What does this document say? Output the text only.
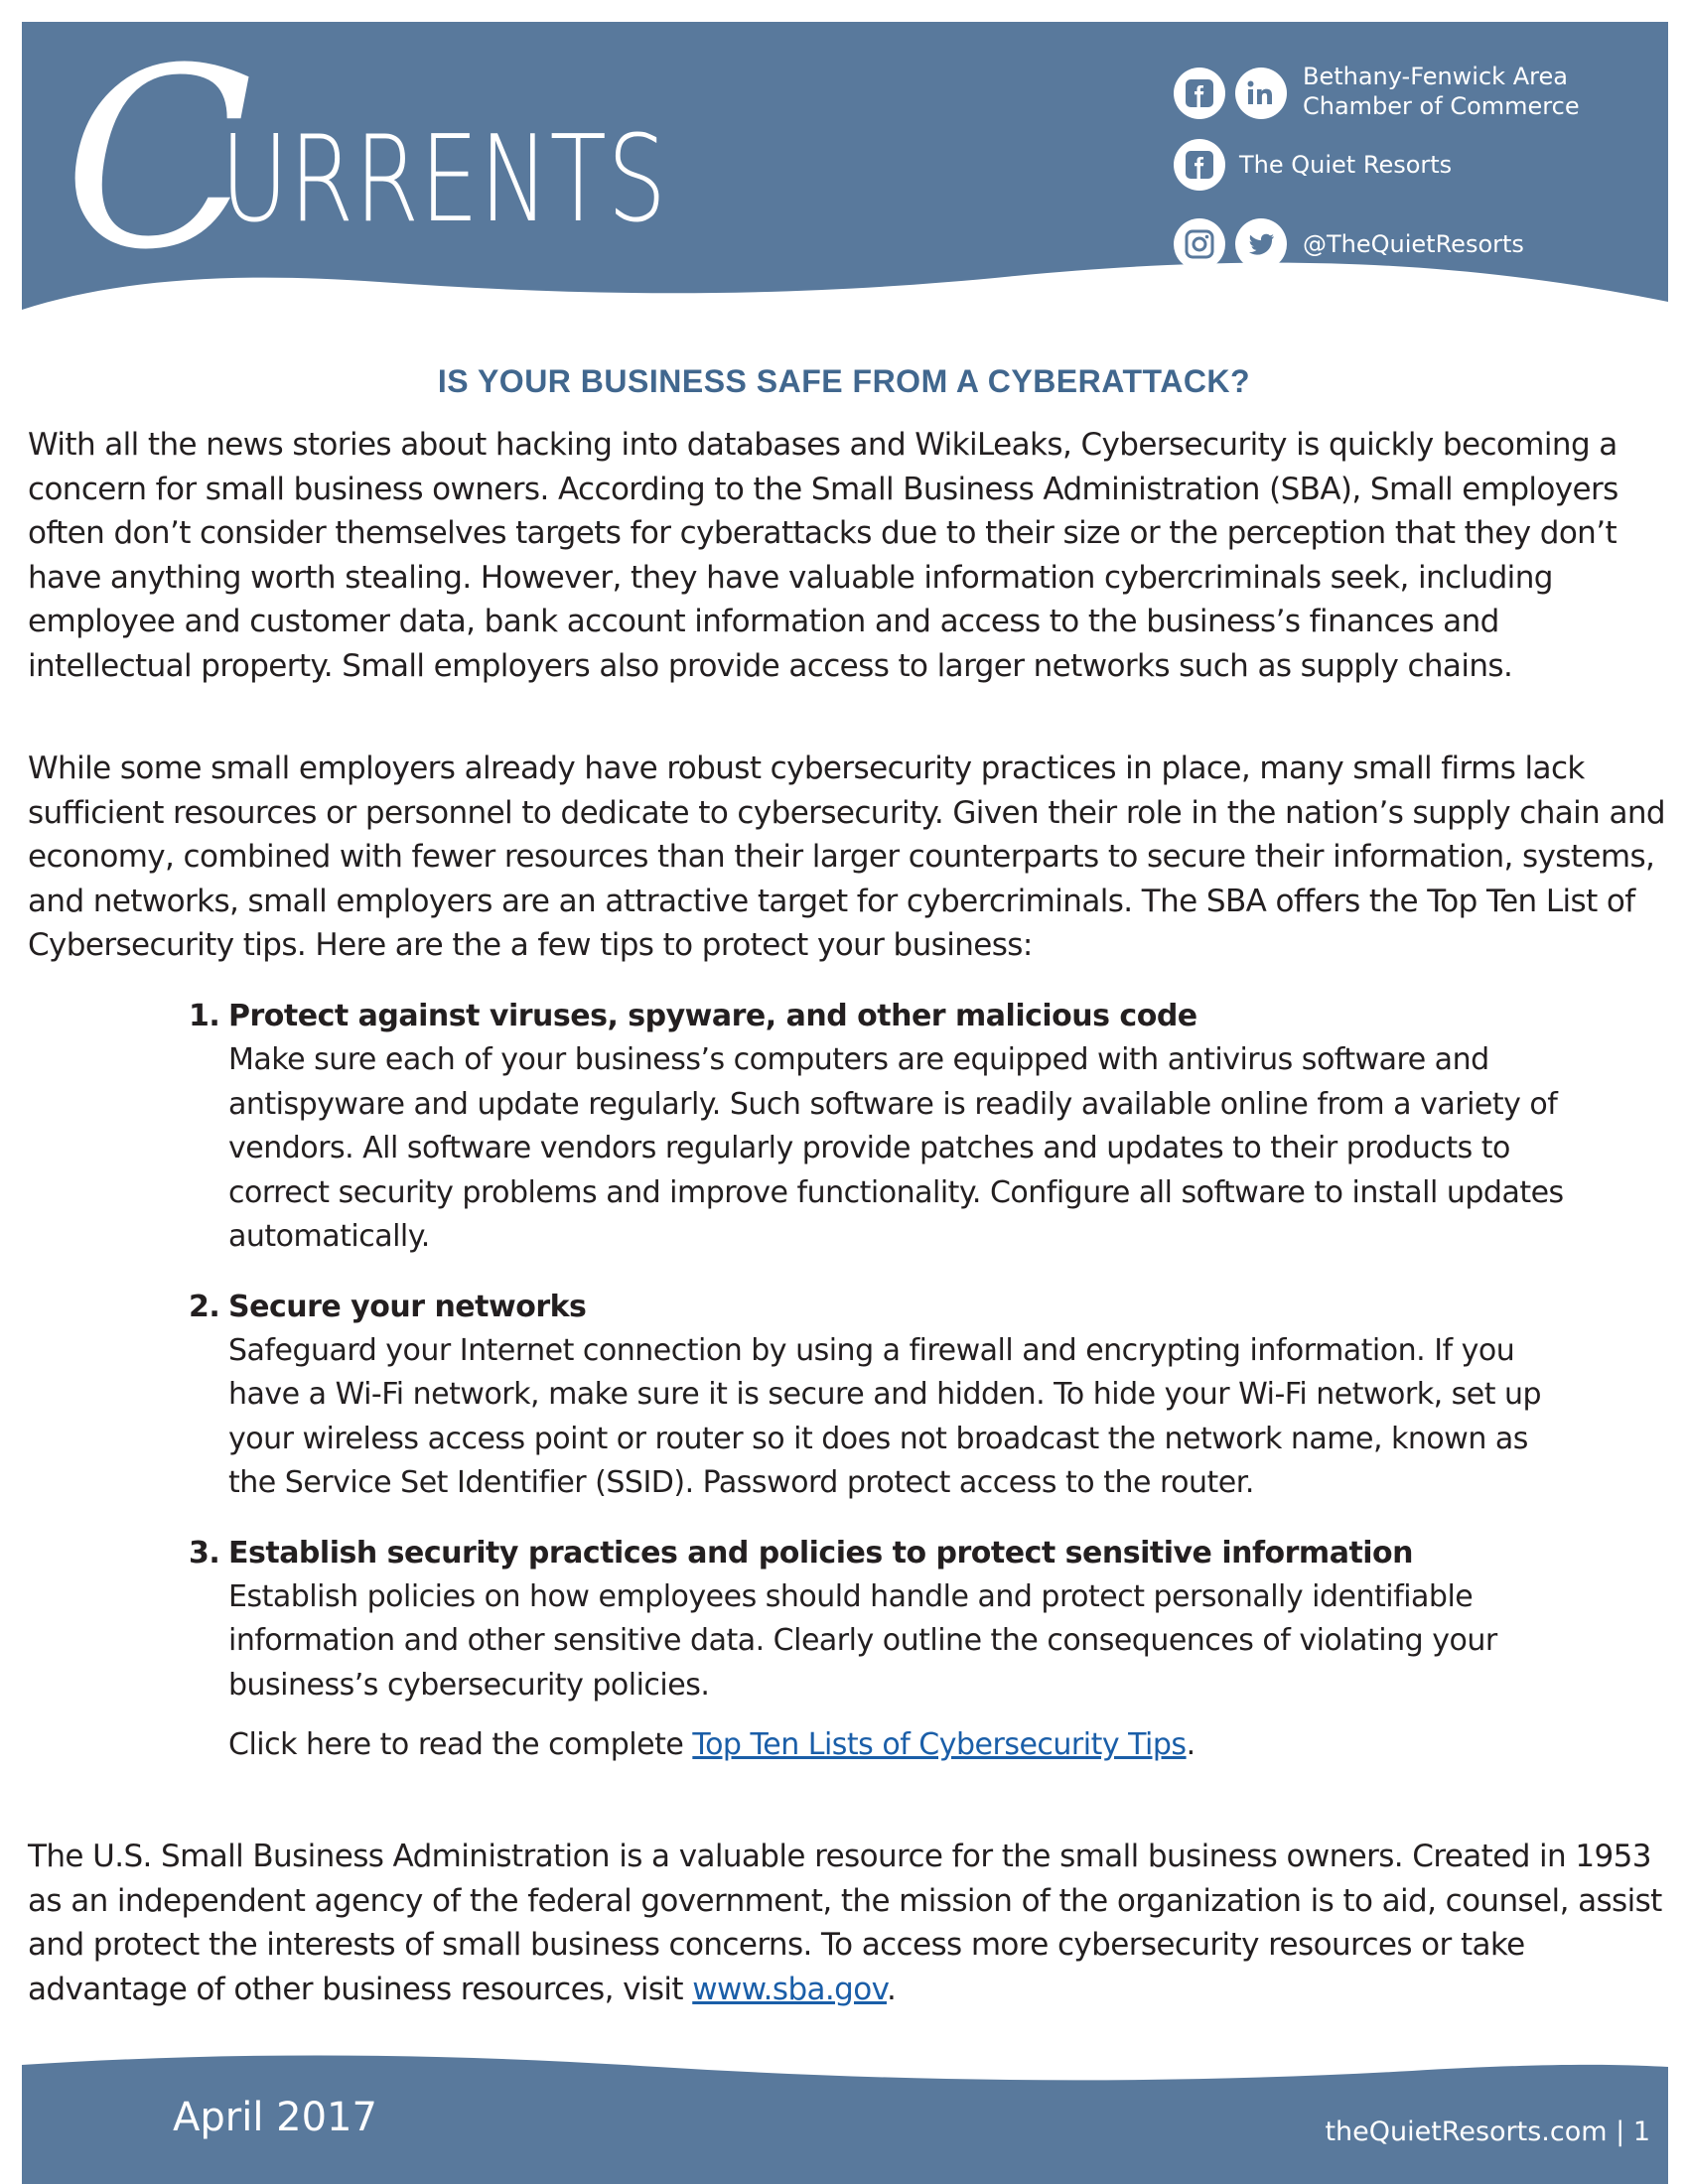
C
URRENTS
Bethany-Fenwick Area
Chamber of Commerce
The Quiet Resorts
@TheQuietResorts
IS YOUR BUSINESS SAFE FROM A CYBERATTACK?
With all the news stories about hacking into databases and WikiLeaks, Cybersecurity is quickly becoming a concern for small business owners. According to the Small Business Administration (SBA), Small employers often don’t consider themselves targets for cyberattacks due to their size or the perception that they don’t have anything worth stealing. However, they have valuable information cybercriminals seek, including employee and customer data, bank account information and access to the business’s finances and intellectual property. Small employers also provide access to larger networks such as supply chains.
While some small employers already have robust cybersecurity practices in place, many small firms lack sufficient resources or personnel to dedicate to cybersecurity. Given their role in the nation’s supply chain and economy, combined with fewer resources than their larger counterparts to secure their information, systems, and networks, small employers are an attractive target for cybercriminals. The SBA offers the Top Ten List of Cybersecurity tips. Here are the a few tips to protect your business:
1. Protect against viruses, spyware, and other malicious code
Make sure each of your business’s computers are equipped with antivirus software and antispyware and update regularly. Such software is readily available online from a variety of vendors. All software vendors regularly provide patches and updates to their products to correct security problems and improve functionality. Configure all software to install updates automatically.
2. Secure your networks
Safeguard your Internet connection by using a firewall and encrypting information. If you have a Wi-Fi network, make sure it is secure and hidden. To hide your Wi-Fi network, set up your wireless access point or router so it does not broadcast the network name, known as the Service Set Identifier (SSID). Password protect access to the router.
3. Establish security practices and policies to protect sensitive information
Establish policies on how employees should handle and protect personally identifiable information and other sensitive data. Clearly outline the consequences of violating your business’s cybersecurity policies.
Click here to read the complete Top Ten Lists of Cybersecurity Tips.
The U.S. Small Business Administration is a valuable resource for the small business owners. Created in 1953 as an independent agency of the federal government, the mission of the organization is to aid, counsel, assist and protect the interests of small business concerns. To access more cybersecurity resources or take advantage of other business resources, visit www.sba.gov.
April 2017	theQuietResorts.com | 1
